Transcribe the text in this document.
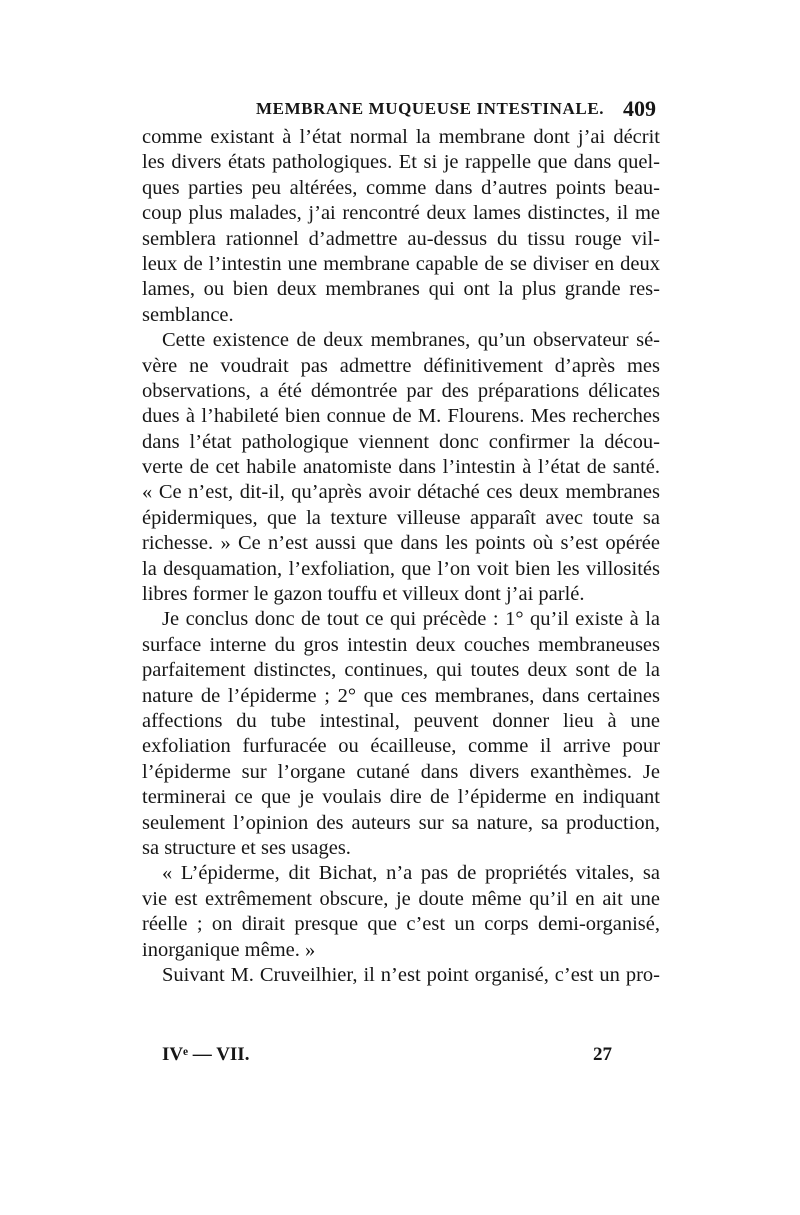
MEMBRANE MUQUEUSE INTESTINALE. 409
comme existant à l’état normal la membrane dont j’ai décrit
les divers états pathologiques. Et si je rappelle que dans quel-
ques parties peu altérées, comme dans d’autres points beau-
coup plus malades, j’ai rencontré deux lames distinctes, il me
semblera rationnel d’admettre au-dessus du tissu rouge vil-
leux de l’intestin une membrane capable de se diviser en deux
lames, ou bien deux membranes qui ont la plus grande res-
semblance.
Cette existence de deux membranes, qu’un observateur sé-
vère ne voudrait pas admettre définitivement d’après mes
observations, a été démontrée par des préparations délicates
dues à l’habileté bien connue de M. Flourens. Mes recherches
dans l’état pathologique viennent donc confirmer la décou-
verte de cet habile anatomiste dans l’intestin à l’état de santé.
« Ce n’est, dit-il, qu’après avoir détaché ces deux membranes
épidermiques, que la texture villeuse apparaît avec toute sa
richesse. » Ce n’est aussi que dans les points où s’est opérée
la desquamation, l’exfoliation, que l’on voit bien les villosités
libres former le gazon touffu et villeux dont j’ai parlé.
Je conclus donc de tout ce qui précède : 1° qu’il existe à la
surface interne du gros intestin deux couches membraneuses
parfaitement distinctes, continues, qui toutes deux sont de la
nature de l’épiderme ; 2° que ces membranes, dans certaines
affections du tube intestinal, peuvent donner lieu à une
exfoliation furfuracée ou écailleuse, comme il arrive pour
l’épiderme sur l’organe cutané dans divers exanthèmes. Je
terminerai ce que je voulais dire de l’épiderme en indiquant
seulement l’opinion des auteurs sur sa nature, sa production,
sa structure et ses usages.
« L’épiderme, dit Bichat, n’a pas de propriétés vitales, sa
vie est extrêmement obscure, je doute même qu’il en ait une
réelle ; on dirait presque que c’est un corps demi-organisé,
inorganique même. »
Suivant M. Cruveilhier, il n’est point organisé, c’est un pro-
IVᵉ — VII.	27
